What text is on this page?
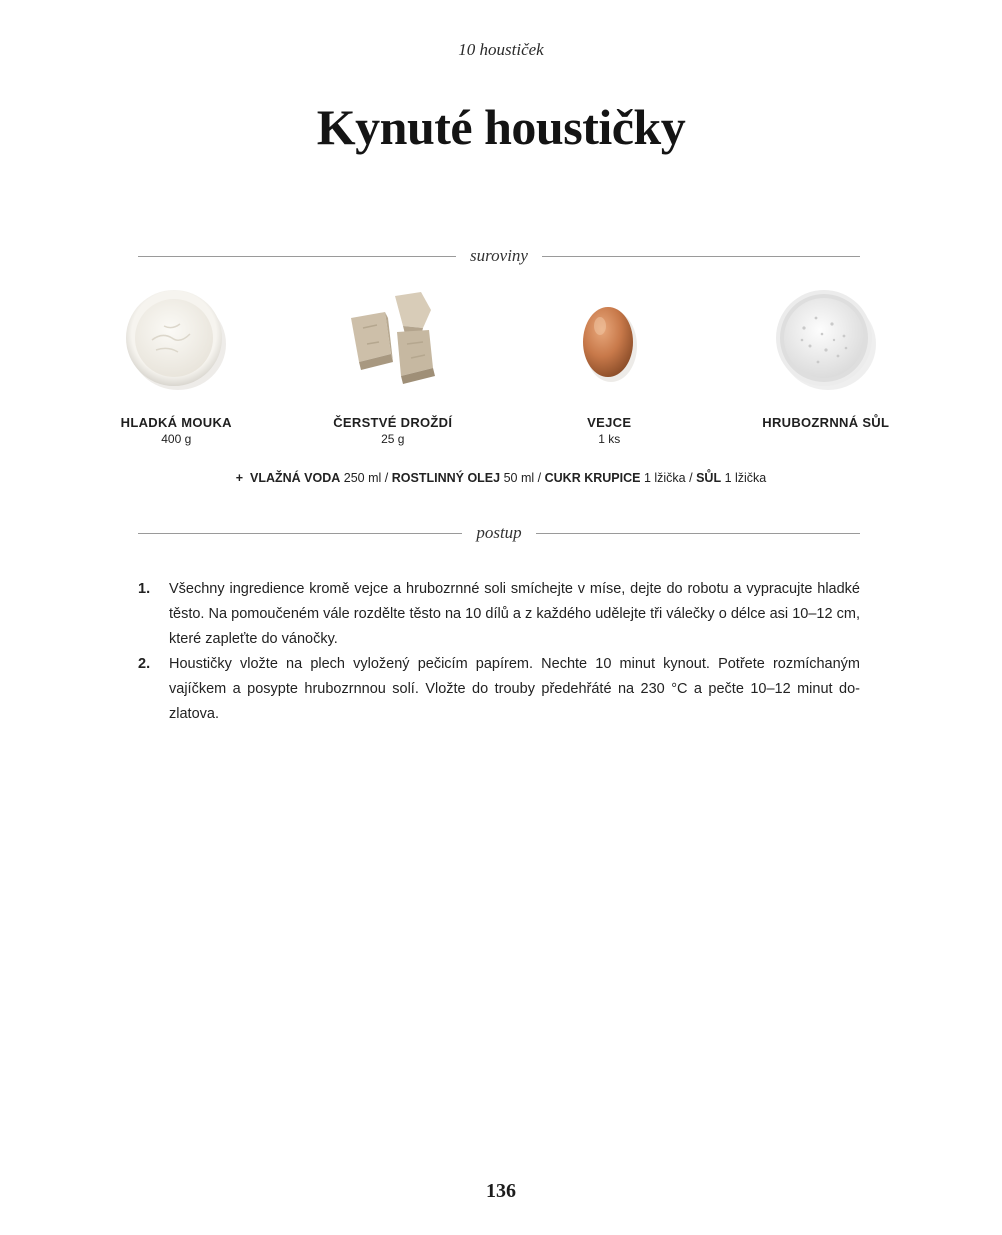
10 houstiček
Kynuté houstičky
suroviny
HLADKÁ MOUKA
400 g
ČERSTVÉ DROŽDÍ
25 g
VEJCE
1 ks
HRUBOZRNNÁ SŮL
+ VLAŽNÁ VODA 250 ml / ROSTLINNÝ OLEJ 50 ml / CUKR KRUPICE 1 lžička / SŮL 1 lžička
postup
1.	Všechny ingredience kromě vejce a hrubozrnné soli smíchejte v míse, dejte do robotu a vypracujte hladké těsto. Na pomoučeném vále rozdělte těsto na 10 dílů a z každého udělejte tři válečky o délce asi 10–12 cm, které zapleťte do vánočky.
2.	Houstičky vložte na plech vyložený pečicím papírem. Nechte 10 minut kynout. Potřete rozmíchaným vajíčkem a posypte hrubozrnnou solí. Vložte do trouby předehřáté na 230 °C a pečte 10–12 minut dozlatova.
136
